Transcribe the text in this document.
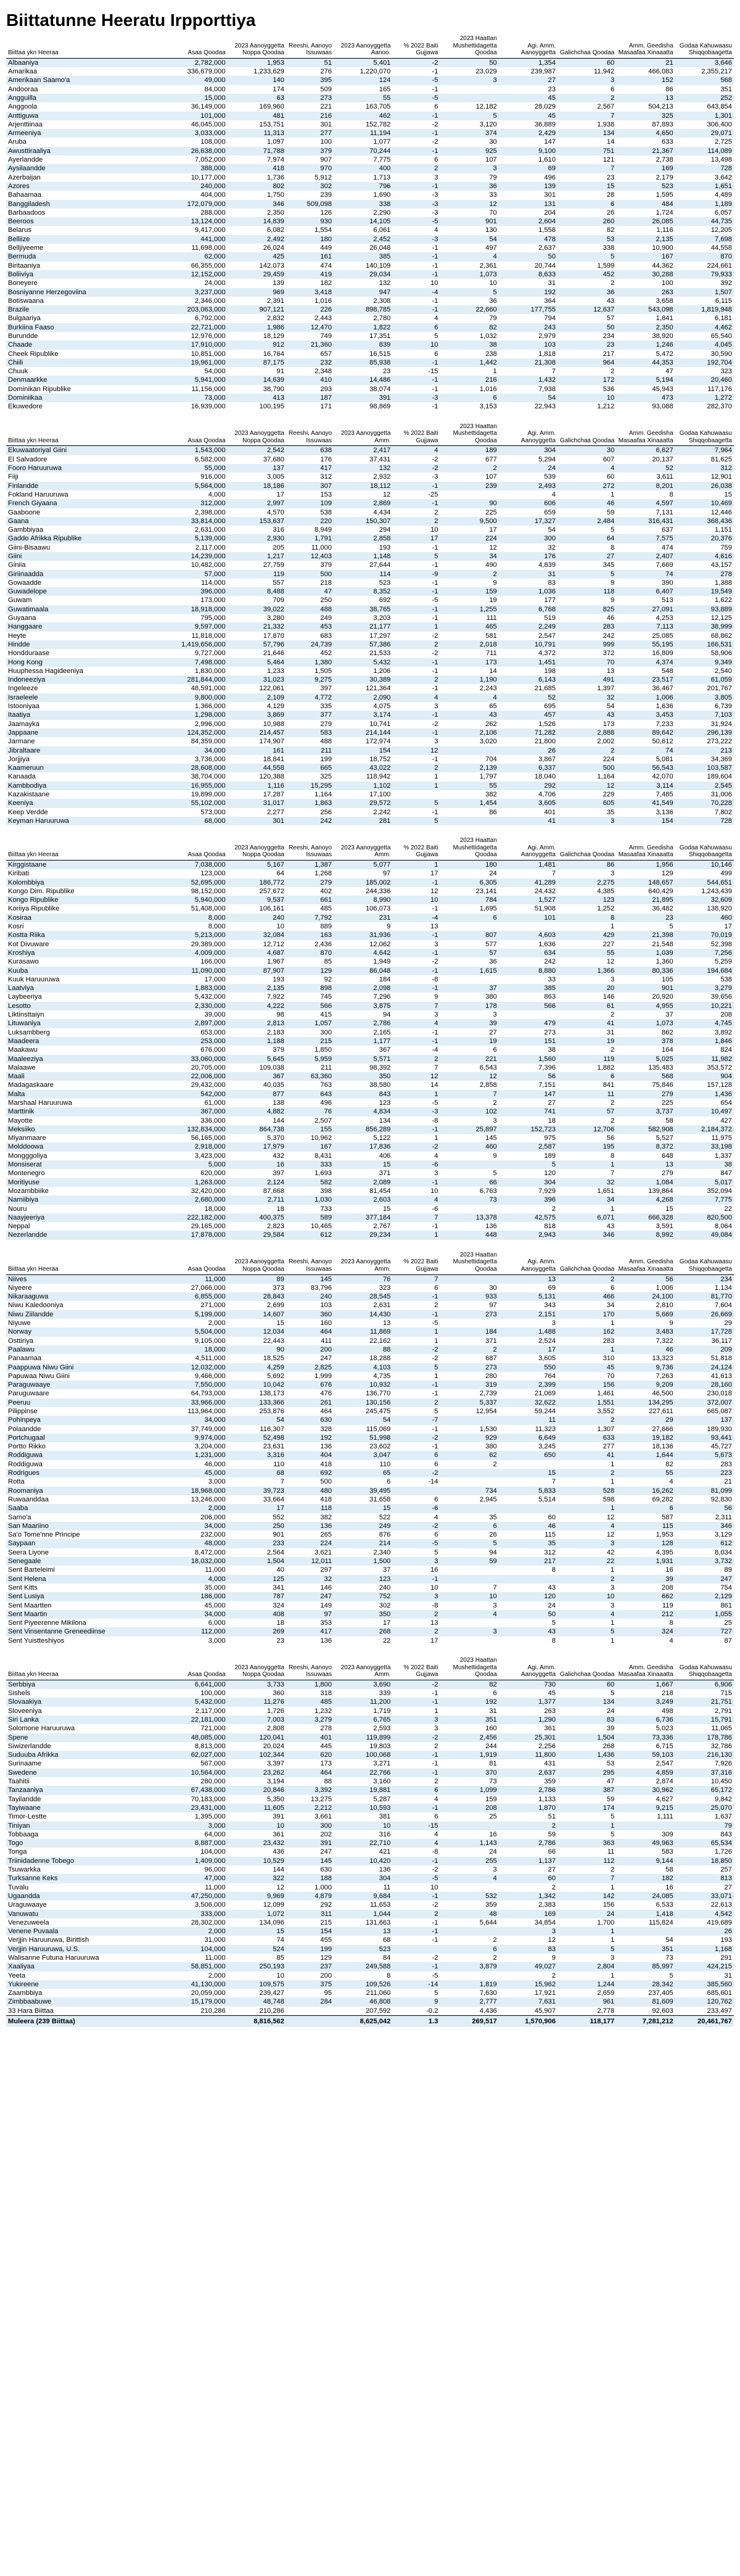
Biittatunne Heeratu Irpporttiya
Biittaa ykn Heeraa	Asaa Qoodaa	2023 Aanoyggetta Noppa Qoodaa	Reeshi, Aanoyo Issuwaas	2023 Aanoyggetta Aanoo.	% 2022 Baiti Gujjawa	2023 Haattan Mushettidagetta Qoodaa	Agi. Amm. Aanoyggetta	Galichchaa Qoodaa	Amm. Geedisha Masaafaa Xinaaatta	Godaa Kahuwaasu Shiqqobaagetta
Albaaniya	2,782,000	1,953	51	5,401	-2	50	1,354	60	21	3,646
Amarikaa	336,679,000	1,233,629	276	1,220,070	-1	23,029	239,987	11,942	466,083	2,355,217
Amerikaan Saamo'a	49,000	140	395	124	-5	3	27	3	152	568
Andooraa	84,000	174	509	165	-1		23	6	86	351
Angguilla	15,000	63	273	55	-5		45	2	13	252
Anggoola	36,149,000	169,960	221	163,705	6	12,182	28,029	2,567	504,213	643,854
Anttiguwa	101,000	481	216	462	-1	5	45	7	325	1,301
Arjenttiinaa	46,045,000	153,751	301	152,782	-2	3,120	36,889	1,938	87,893	306,400
Armeeniya	3,033,000	11,313	277	11,194	-1	374	2,429	134	4,650	29,071
Aruba	108,000	1,097	100	1,077	-2	30	147	14	633	2,725
Awusttiraaliya	26,638,000	71,788	379	70,244	-1	925	9,100	751	21,367	114,089
Ayerlandde	7,052,000	7,974	907	7,775	6	107	1,610	121	2,738	13,498
Aysilaandde	388,000	418	970	400	2	3	69	7	169	728
Azerbaijan	10,177,000	1,736	5,912	1,713	3	79	496	23	2,179	3,642
Azores	240,000	802	302	796	-1	36	139	15	523	1,651
Bahaamaa	404,000	1,750	239	1,690	-3	33	301	28	1,595	4,489
Banggiladesh	172,079,000	346	509,098	338	-3	12	131	6	484	1,189
Barbaadoos	288,000	2,350	126	2,290	-3	70	204	26	1,724	6,057
Beeroos	13,124,000	14,839	930	14,105	-5	901	2,604	260	26,085	44,735
Belarus	9,417,000	6,082	1,554	6,061	4	130	1,558	82	1,116	12,205
Belliize	441,000	2,492	180	2,452	-3	54	478	53	2,135	7,698
Belljiyeeme	11,698,000	26,024	449	26,048	-1	497	2,637	338	10,900	44,558
Bermuda	62,000	425	161	385	-1	4	50	5	167	870
Biritaaniya	66,355,000	142,073	474	140,109	-1	2,361	20,744	1,599	44,362	224,661
Boliiviya	12,152,000	29,459	419	29,034	-1	1,073	8,633	452	30,288	79,933
Boneyere	24,000	139	182	132	10	10	31	2	100	392
Bosniyanne Herzegoviina	3,237,000	969	3,418	947	-4	5	192	36	263	1,507
Botiswaana	2,346,000	2,391	1,016	2,308	-1	36	364	43	3,658	6,115
Brazile	203,063,000	907,121	226	898,785	-1	22,660	177,755	12,637	543,098	1,819,948
Bulgaariya	6,792,000	2,832	2,443	2,780	4	79	794	57	1,841	6,181
Burkiina Faaso	22,721,000	1,986	12,470	1,822	6	82	243	50	2,350	4,462
Burundde	12,976,000	18,129	749	17,351	5	1,032	2,979	234	38,920	65,540
Chaade	17,910,000	912	21,360	839	10	38	103	23	1,246	4,045
Cheek Ripublike	10,851,000	16,764	657	16,515	6	238	1,818	217	5,472	30,590
Chiili	19,961,000	87,175	232	85,938	-1	1,442	21,308	964	44,353	192,704
Chuuk	54,000	91	2,348	23	-15	1	7	2	47	323
Denmaarkke	5,941,000	14,639	410	14,486	-1	216	1,432	172	5,194	20,460
Dominikan Ripublike	11,156,000	38,790	293	38,074	-1	1,016	7,938	536	45,943	117,176
Dominiikaa	73,000	413	187	391	-3	6	54	10	473	1,272
Ekuwedore	16,939,000	100,195	171	98,869	-1	3,153	22,943	1,212	93,088	282,370
Biittaa ykn Heeraa	Asaa Qoodaa	2023 Aanoyggetta Noppa Qoodaa	Reeshi, Aanoyo Issuwaas	2023 Aanoyggetta Amm.	% 2022 Baiti Gujjawa	2023 Haattan Mushettidagetta Qoodaa	Agi. Amm. Aanoyggetta	Galichchaa Qoodaa	Amm. Geedisha Masaafaa Xinaaatta	Godaa Kahuwaasu Shiqqobaagetta
Ekuwaatoriyal Giini	1,543,000	2,542	638	2,417	4	189	304	30	6,627	7,964
El Salvadore	6,582,000	37,680	176	37,431	-2	677	5,294	607	20,137	81,625
Fooro Haruuruwa	55,000	137	417	132	-2	2	24	4	52	312
Fiiji	916,000	3,005	312	2,932	-3	107	539	60	3,611	12,901
Finlandde	5,564,000	18,186	307	18,112	-1	239	2,493	272	8,201	26,038
Fokland Haruuruwa	4,000	17	153	12	-25		4	1	8	15
French Giyaana	312,000	2,997	109	2,869	-1	90	606	46	4,597	10,469
Gaaboone	2,398,000	4,570	538	4,434	2	225	659	59	7,131	12,446
Gaana	33,814,000	153,637	220	150,307	2	9,500	17,327	2,484	316,431	368,436
Gambbiyaa	2,631,000	316	8,949	294	10	17	54	5	637	1,151
Gaddo Afrikka Ripublike	5,139,000	2,930	1,791	2,858	17	224	300	64	7,575	20,376
Giini-Bisaawu	2,117,000	205	11,000	193	-1	12	32	8	474	759
Giini	14,239,000	1,217	12,403	1,148	5	34	176	27	2,407	4,616
Giniia	10,482,000	27,759	379	27,644	-1	490	4,839	345	7,669	43,157
Giriinaadda	57,000	119	500	114	-9	2	31	5	74	278
Gowaadde	114,000	557	218	523	-1	9	83	9	390	1,388
Guwadelope	396,000	8,488	47	8,352	-1	159	1,036	118	6,407	19,549
Guwam	173,000	709	250	692	-5	19	177	9	513	1,622
Guwatimaala	18,918,000	39,022	488	38,765	-1	1,255	6,768	825	27,091	93,889
Guyaana	795,000	3,280	249	3,203	-1	111	519	46	4,253	12,125
Hanggaare	9,597,000	21,332	453	21,177	1	465	2,249	283	7,113	38,999
Heyte	11,818,000	17,870	683	17,297	-2	581	2,547	242	25,085	68,862
Hindde	1,419,656,000	57,796	24,739	57,386	2	2,018	10,791	999	55,195	166,531
Hondduraase	9,727,000	21,646	452	21,533	-2	711	4,372	372	16,809	58,906
Hong Kong	7,498,000	5,464	1,380	5,432	-1	173	1,451	70	4,374	9,349
Huuphessa Hagideeniya	1,830,000	1,233	1,505	1,206	-1	14	198	13	548	2,540
Indoneeziya	281,844,000	31,023	9,275	30,389	2	1,190	6,143	491	23,517	61,059
Ingeleeze	48,591,000	122,061	397	121,364	-1	2,243	21,685	1,397	36,467	201,767
Israeleele	9,800,000	2,109	4,772	2,090	4	4	52	32	1,006	3,805
Istooniyaa	1,366,000	4,129	335	4,075	3	65	695	54	1,636	6,739
Itaatiya	1,298,000	3,869	377	3,174	-1	43	457	43	3,453	7,103
Jaamayka	2,996,000	10,988	279	10,741	-2	262	1,526	173	7,233	31,924
Jappaane	124,352,000	214,457	583	214,144	-1	2,106	71,282	2,888	89,642	296,139
Jarmane	84,359,000	174,907	488	172,974	3	3,020	21,800	2,002	50,612	273,222
Jibraltaare	34,000	161	211	154	12		26	2	74	213
Jorjjiya	3,736,000	18,841	199	18,752	-1	704	3,867	224	5,081	34,369
Kaameruun	28,608,000	44,558	665	43,022	2	2,139	6,337	500	56,543	103,587
Kanaada	38,704,000	120,388	325	118,942	1	1,797	18,040	1,164	42,070	189,604
Kambbodiya	16,955,000	1,116	15,295	1,102	1	55	292	12	3,114	2,545
Kazakistaane	19,899,000	17,287	1,164	17,100		382	4,706	229	7,485	31,006
Keeniya	55,102,000	31,017	1,863	29,572	5	1,454	3,605	605	41,549	70,228
Keep Verdde	573,000	2,277	256	2,242	-1	86	401	35	3,136	7,802
Keyman Haruuruwa	68,000	301	242	281	5		41	3	154	728
Biittaa ykn Heeraa	Asaa Qoodaa	2023 Aanoyggetta Noppa Qoodaa	Reeshi, Aanoyo Issuwaas	2023 Aanoyggetta Amm.	% 2022 Baiti Gujjawa	2023 Haattan Mushettidagetta Qoodaa	Agi. Amm. Aanoyggetta	Galichchaa Qoodaa	Amm. Geedisha Masaafaa Xinaaatta	Godaa Kahuwaasu Shiqqobaagetta
Kirggistaane	7,038,000	5,167	1,387	5,077	1	180	1,481	86	1,956	10,146
Kiribati	123,000	64	1,268	97	17	24	7	3	129	499
Kolombbiya	52,695,000	186,772	279	185,002	-1	6,305	41,289	2,275	148,657	544,651
Kongo Dim. Ripublike	98,152,000	257,672	402	244,336	12	23,141	24,432	4,385	640,429	1,243,439
Kongo Ripublike	5,940,000	9,537	661	8,990	10	784	1,527	123	21,895	32,609
Koriiya Ripublike	51,408,000	106,161	485	106,073	-1	1,695	51,908	1,252	36,482	138,920
Kosiraa	8,000	240	7,792	231	-4	6	101	8	23	460
Kosri	8,000	10	889	9	13			1	5	17
Kostta Riika	5,213,000	32,084	163	31,936	-1	807	4,603	429	21,398	70,019
Kot Divuware	29,389,000	12,712	2,436	12,062	3	577	1,636	227	21,548	52,398
Kroshiya	4,009,000	4,687	870	4,642	-1	57	634	55	1,039	7,256
Kurasawo	166,000	1,967	85	1,949	-2	36	242	12	1,360	5,259
Kuuba	11,090,000	87,907	129	86,048	-1	1,615	8,880	1,366	80,336	194,684
Kuuk Haruuruwa	17,000	193	92	184	-8		33	3	105	538
Laatviya	1,883,000	2,135	898	2,098	-1	37	385	20	901	3,279
Laybeeriya	5,432,000	7,922	745	7,296	9	380	863	146	20,920	39,656
Lesotto	2,330,000	4,222	566	3,875	7	178	566	61	4,955	10,221
Liktinsttaiyn	39,000	98	415	94	3	3		2	37	208
Lituwaniya	2,897,000	2,813	1,057	2,786	4	39	479	41	1,073	4,745
Luksambberg	653,000	2,183	300	2,165	-1	27	273	31	862	3,892
Maadeera	253,000	1,188	215	1,177	-1	19	151	19	378	1,846
Maakawu	676,000	379	1,850	367	-4	6	38	2	164	824
Maaleeziya	33,060,000	5,645	5,959	5,571	2	221	1,560	119	5,025	11,982
Malaawe	20,705,000	109,038	211	98,392	7	6,543	7,396	1,882	135,483	353,572
Maali	22,006,000	367	63,360	350	12	12	56	6	568	904
Madagaskaare	29,432,000	40,035	763	38,580	14	2,858	7,151	841	75,846	157,128
Malta	542,000	877	643	843	1	7	147	11	279	1,436
Marshaal Haruuruwa	61,000	138	496	123	-5	2	27	2	225	654
Marttinik	367,000	4,882	76	4,834	-3	102	741	57	3,737	10,497
Mayotte	336,000	144	2,507	134	-8	3	18	2	58	427
Meksiiko	132,834,000	864,738	155	856,289	-1	25,897	152,723	12,706	582,908	2,184,372
Miyanmaare	56,165,000	5,370	10,962	5,122	1	145	975	56	5,527	11,975
Molddoowa	2,918,000	17,979	167	17,836	-2	460	2,587	195	8,372	33,198
Mongggoliya	3,423,000	432	8,431	406	4	9	189	8	648	1,337
Monsiserat	5,000	16	333	15	-6		5	1	13	38
Montenegro	620,000	397	1,693	371	3	5	120	7	279	847
Moritiyuse	1,263,000	2,124	582	2,089	-1	66	304	32	1,084	5,017
Mozambbiike	32,420,000	87,668	398	81,454	10	6,763	7,929	1,651	139,864	352,094
Namiibiya	2,680,000	2,711	1,030	2,603	4	73	396	34	4,268	7,775
Nouru	18,000	18	733	15	-6		2	1	15	22
Naayjeeriya	222,182,000	400,375	589	377,184	7	13,378	42,575	6,071	666,328	820,500
Neppal	29,165,000	2,823	10,465	2,767	-1	136	818	43	3,591	8,064
Nezerlandde	17,878,000	29,584	612	29,234	1	448	2,943	346	8,992	49,084
Biittaa ykn Heeraa	Asaa Qoodaa	2023 Aanoyggetta Noppa Qoodaa	Reeshi, Aanoyo Issuwaas	2023 Aanoyggetta Amm.	% 2022 Baiti Gujjawa	2023 Haattan Mushettidagetta Qoodaa	Agi. Amm. Aanoyggetta	Galichchaa Qoodaa	Amm. Geedisha Masaafaa Xinaaatta	Godaa Kahuwaasu Shiqqobaagetta
Niives	11,000	89	145	76	7		13	2	56	234
Niyeere	27,066,000	373	83,796	323	6	30	69	6	1,006	1,134
Nikaraaguwa	6,855,000	28,843	240	28,545	-1	933	5,131	466	24,100	81,770
Niwu Kaledooniya	271,000	2,699	103	2,631	2	97	343	34	2,810	7,604
Niwu Ziilandde	5,199,000	14,607	360	14,430	-1	273	2,151	170	5,669	26,669
Niyuwe	2,000	15	160	13	-5		3	1	9	29
Norway	5,504,000	12,034	464	11,869	1	184	1,488	162	3,483	17,728
Osttiriya	9,105,000	22,443	411	22,162	1	371	2,524	283	7,322	36,117
Paalawu	18,000	90	200	88	-2	2	17	1	46	209
Panaamaa	4,511,000	18,525	247	18,288	-2	687	3,605	310	13,323	51,818
Paappuwa Niwu Giini	12,032,000	4,259	2,825	4,103	5	273	550	45	9,736	24,124
Papuwaa Niwu Giini	9,466,000	5,692	1,999	4,735	1	280	764	70	7,263	41,613
Paraguwaaye	7,550,000	10,042	676	10,932	-1	319	2,399	156	9,209	28,160
Paruguwaare	64,793,000	138,173	476	136,770	-1	2,739	21,069	1,461	46,500	230,018
Peeruu	33,966,000	133,366	261	130,156	2	5,337	32,622	1,551	134,295	372,007
Pilippinse	113,964,000	253,876	464	245,475	5	12,954	59,244	3,552	227,611	665,087
Pohinpeya	34,000	54	630	54	-7		11	2	29	137
Polaandde	37,749,000	116,307	328	115,069	-1	1,530	11,323	1,307	27,666	189,930
Portchugaal	9,974,000	52,498	192	51,998	-2	929	6,649	633	19,182	93,441
Portto Rikko	3,204,000	23,631	136	23,602	-1	380	3,245	277	18,136	45,727
Roddiguwa	1,231,000	3,316	404	3,047	6	62	650	41	1,644	5,673
Roddiguwa	46,000	110	418	110	6	2		1	82	283
Rodrigues	45,000	68	692	65	-2		15	2	55	223
Rotta	3,000	7	500	6	-14		7	1	4	21
Roomaniya	18,968,000	39,723	480	39,495		734	5,833	528	16,262	81,099
Ruwaanddaa	13,246,000	33,664	418	31,658	6	2,945	5,514	598	69,282	92,830
Saaba	2,000	17	118	15	-6			1	6	56
Samo'a	206,000	552	382	522	4	35	60	12	587	2,311
San Maariino	34,000	250	136	249	-2	6	46	4	115	346
Sa'o Tome'nne Principe	232,000	901	265	876	6	26	115	12	1,953	3,129
Saypaan	48,000	233	224	214	-5	5	35	3	128	612
Seera Liyone	8,472,000	2,564	3,621	2,340	5	94	312	42	4,395	8,034
Senegaale	18,032,000	1,504	12,011	1,500	3	59	217	22	1,931	3,732
Sent Barteleimi	11,000	40	297	37	16		8	1	16	89
Sent Helena	4,000	125	32	123	-1			2	39	247
Sent Kitts	35,000	341	146	240	10	7	43	3	208	754
Sent Lusiya	186,000	787	247	752	3	10	120	10	662	2,129
Sent Maartten	45,000	324	149	302	-8	3	24	3	119	861
Sent Maartin	34,000	408	97	350	2	4	50	4	212	1,055
Sent Piyeerenne Mikilona	6,000	18	353	17	13		5	1	8	25
Sent Vinsentanne Greneediinse	112,000	269	417	268	2	3	43	5	324	727
Sent Yuistteshiyos	3,000	23	136	22	17		8	1	4	87
Biittaa ykn Heeraa	Asaa Qoodaa	2023 Aanoyggetta Noppa Qoodaa	Reeshi, Aanoyo Issuwaas	2023 Aanoyggetta Amm.	% 2022 Baiti Gujjawa	2023 Haattan Mushettidagetta Qoodaa	Agi. Amm. Aanoyggetta	Galichchaa Qoodaa	Amm. Geedisha Masaafaa Xinaaatta	Godaa Kahuwaasu Shiqqobaagetta
Serbbiya	6,641,000	3,733	1,800	3,690	-2	82	730	60	1,667	6,906
Sishels	100,000	360	318	339	-1	6	45	5	218	715
Slovaakiya	5,432,000	11,276	485	11,200	-1	192	1,377	134	3,249	21,751
Sloveeniya	2,117,000	1,726	1,232	1,719	1	31	263	24	498	2,791
Siri Lanka	22,181,000	7,003	3,279	6,765	3	351	1,290	83	6,736	15,791
Solomone Haruuruwa	721,000	2,808	278	2,593	3	160	361	39	5,023	11,065
Spene	48,085,000	120,041	401	119,899	-2	2,456	25,301	1,504	73,336	178,786
Siwizerlandde	8,813,000	20,024	445	19,803	2	244	2,256	268	6,715	32,786
Suduuba Afrikka	62,027,000	102,344	620	100,068	-1	1,919	11,800	1,436	59,103	216,130
Surinaame	567,000	3,397	173	3,271	-1	81	431	53	2,547	7,926
Swedene	10,564,000	23,262	464	22,766	-1	370	2,637	295	4,859	37,316
Taahitii	280,000	3,194	88	3,160	2	73	359	47	2,874	10,450
Tanzaaniya	67,438,000	20,846	3,392	19,881	6	1,099	2,786	387	30,962	65,172
Tayilandde	70,183,000	5,350	13,275	5,287	4	159	1,133	59	4,627	9,842
Tayiwaane	23,431,000	11,605	2,212	10,593	-1	208	1,870	174	9,215	25,070
Timor-Lestte	1,395,000	391	3,661	381	6	25	51	5	1,111	1,637
Tiniyan	3,000	10	300	10	-15		2	1		79
Tobbaaga	64,000	361	202	316	4	16	59	5	309	843
Togo	8,887,000	23,432	391	22,710	4	1,143	2,786	363	49,963	65,534
Tonga	104,000	436	247	421	-8	24	66	11	583	1,726
Triinidadenne Tobego	1,409,000	10,529	145	10,420	-1	255	1,137	112	9,144	18,850
Tsuwarkka	96,000	144	630	136	-2	3	27	2	58	257
Turksanne Keks	47,000	322	188	304	-5	4	60	7	182	813
Tuvalu	11,000	12	1,000	11	10		2	1	16	27
Ugaandda	47,250,000	9,969	4,879	9,684	-1	532	1,342	142	24,085	33,071
Uraguwaaye	3,506,000	12,099	292	11,653	-2	359	2,383	156	6,533	22,613
Vanuwatu	333,000	1,072	311	1,044	2	48	169	24	1,418	4,542
Venezuweela	28,302,000	134,096	215	131,663	-1	5,644	34,854	1,700	115,824	419,689
Venene Puvaala	2,000	15	154	13	-1		3	1		26
Verjjin Haruuruwa, Birittish	31,000	74	455	68	-1	2	12	1	54	193
Verjjin Haruuruwa, U.S.	104,000	524	199	523		6	83	5	351	1,168
Walisanne Futuna Haruuruwa	11,000	85	129	84	-2	2	9	3	73	291
Xaaliyaa	58,851,000	250,193	237	249,588	-1	3,879	49,027	2,804	85,997	424,215
Yeeta	2,000	10	200	8	-5		2	1	5	31
Yukireene	41,130,000	109,575	375	109,526	-14	1,819	15,962	1,244	28,342	385,560
Zaambbiya	20,059,000	239,427	95	211,060	5	7,630	17,921	2,659	237,405	685,601
Zimbbaabuwe	15,179,000	48,748	284	46,808	9	2,777	7,631	961	81,609	120,762
33 Hara Biittaa	210,286	210,286		207,592	-0.2	4,436	45,907	2,778	92,603	233,497
Muleera (239 Biittaa)		8,816,562		8,625,042	1.3	269,517	1,570,906	118,177	7,281,212	20,461,767
